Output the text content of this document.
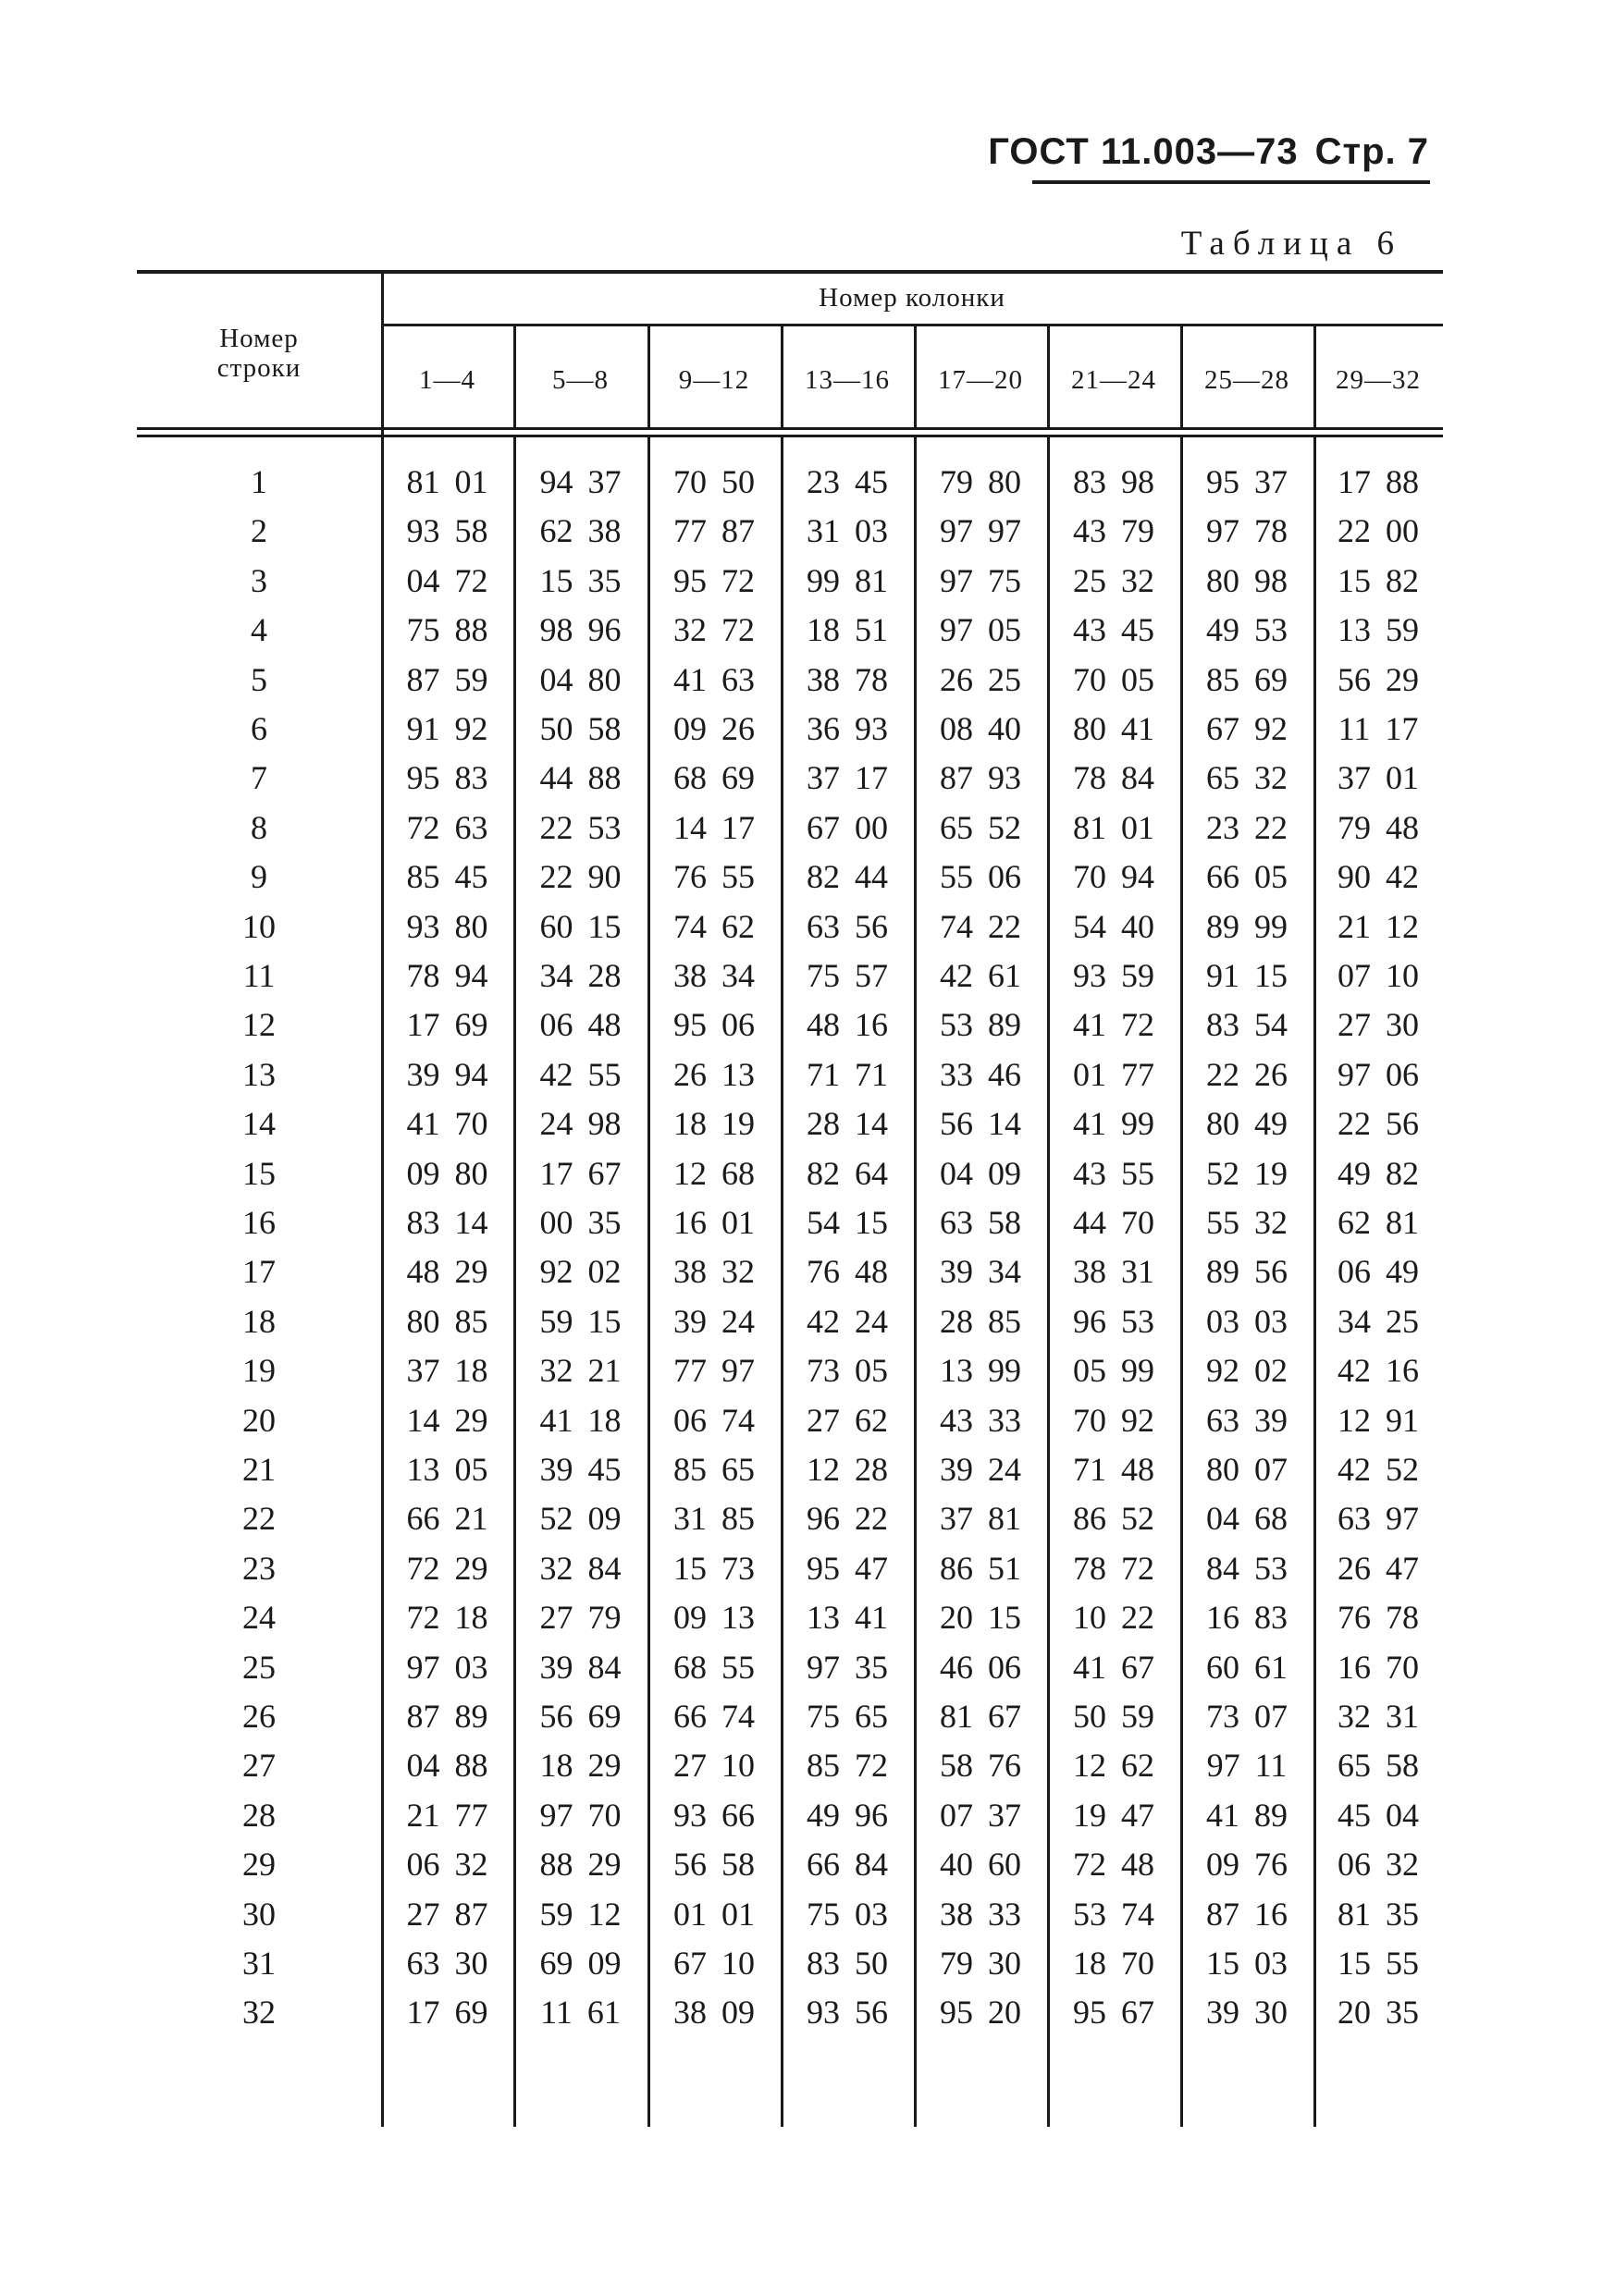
ГОСТ 11.003—73 Стр. 7
Таблица 6
Номер
строки
Номер колонки
1—4	5—8	9—12	13—16	17—20	21—24	25—28	29—32
1	81 01	94 37	70 50	23 45	79 80	83 98	95 37	17 88
2	93 58	62 38	77 87	31 03	97 97	43 79	97 78	22 00
3	04 72	15 35	95 72	99 81	97 75	25 32	80 98	15 82
4	75 88	98 96	32 72	18 51	97 05	43 45	49 53	13 59
5	87 59	04 80	41 63	38 78	26 25	70 05	85 69	56 29
6	91 92	50 58	09 26	36 93	08 40	80 41	67 92	11 17
7	95 83	44 88	68 69	37 17	87 93	78 84	65 32	37 01
8	72 63	22 53	14 17	67 00	65 52	81 01	23 22	79 48
9	85 45	22 90	76 55	82 44	55 06	70 94	66 05	90 42
10	93 80	60 15	74 62	63 56	74 22	54 40	89 99	21 12
11	78 94	34 28	38 34	75 57	42 61	93 59	91 15	07 10
12	17 69	06 48	95 06	48 16	53 89	41 72	83 54	27 30
13	39 94	42 55	26 13	71 71	33 46	01 77	22 26	97 06
14	41 70	24 98	18 19	28 14	56 14	41 99	80 49	22 56
15	09 80	17 67	12 68	82 64	04 09	43 55	52 19	49 82
16	83 14	00 35	16 01	54 15	63 58	44 70	55 32	62 81
17	48 29	92 02	38 32	76 48	39 34	38 31	89 56	06 49
18	80 85	59 15	39 24	42 24	28 85	96 53	03 03	34 25
19	37 18	32 21	77 97	73 05	13 99	05 99	92 02	42 16
20	14 29	41 18	06 74	27 62	43 33	70 92	63 39	12 91
21	13 05	39 45	85 65	12 28	39 24	71 48	80 07	42 52
22	66 21	52 09	31 85	96 22	37 81	86 52	04 68	63 97
23	72 29	32 84	15 73	95 47	86 51	78 72	84 53	26 47
24	72 18	27 79	09 13	13 41	20 15	10 22	16 83	76 78
25	97 03	39 84	68 55	97 35	46 06	41 67	60 61	16 70
26	87 89	56 69	66 74	75 65	81 67	50 59	73 07	32 31
27	04 88	18 29	27 10	85 72	58 76	12 62	97 11	65 58
28	21 77	97 70	93 66	49 96	07 37	19 47	41 89	45 04
29	06 32	88 29	56 58	66 84	40 60	72 48	09 76	06 32
30	27 87	59 12	01 01	75 03	38 33	53 74	87 16	81 35
31	63 30	69 09	67 10	83 50	79 30	18 70	15 03	15 55
32	17 69	11 61	38 09	93 56	95 20	95 67	39 30	20 35
